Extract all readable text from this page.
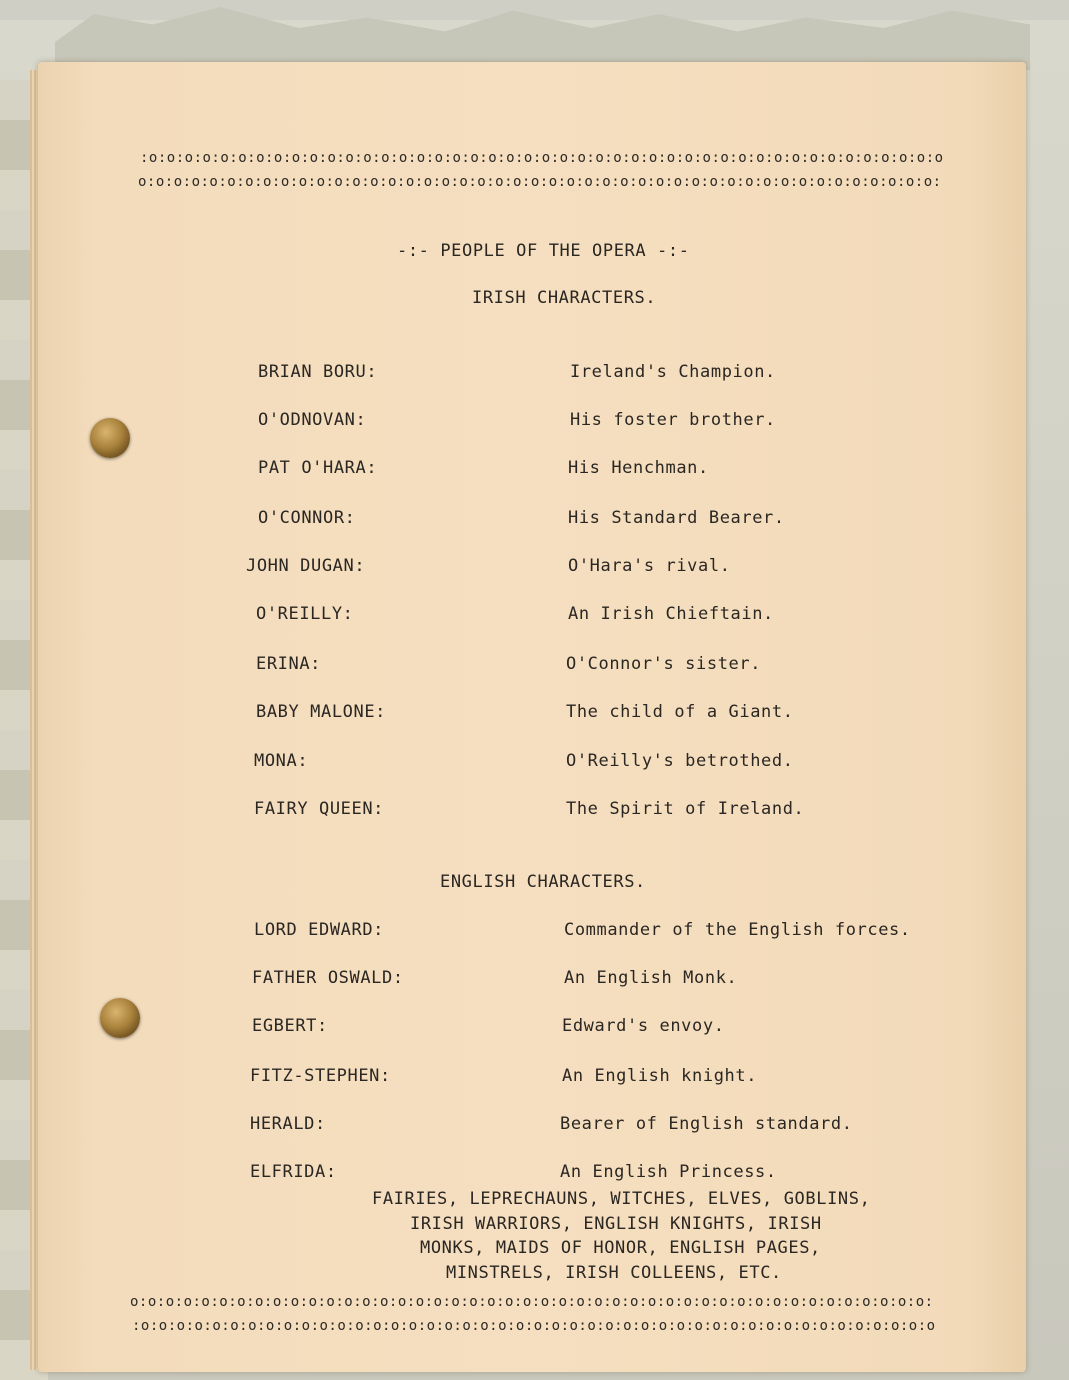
:o:o:o:o:o:o:o:o:o:o:o:o:o:o:o:o:o:o:o:o:o:o:o:o:o:o:o:o:o:o:o:o:o:o:o:o:o:o:o:o:o:o:o:o:o

o:o:o:o:o:o:o:o:o:o:o:o:o:o:o:o:o:o:o:o:o:o:o:o:o:o:o:o:o:o:o:o:o:o:o:o:o:o:o:o:o:o:o:o:o:

-:- PEOPLE OF THE OPERA -:-

IRISH CHARACTERS.

BRIAN BORU:	Ireland's Champion.

O'ODNOVAN:	His foster brother.

PAT O'HARA:	His Henchman.

O'CONNOR:	His Standard Bearer.

JOHN DUGAN:	O'Hara's rival.

O'REILLY:	An Irish Chieftain.

ERINA:	O'Connor's sister.

BABY MALONE:	The child of a Giant.

MONA:	O'Reilly's betrothed.

FAIRY QUEEN:	The Spirit of Ireland.

ENGLISH CHARACTERS.

LORD EDWARD:	Commander of the English forces.

FATHER OSWALD:	An English Monk.

EGBERT:	Edward's envoy.

FITZ-STEPHEN:	An English knight.

HERALD:	Bearer of English standard.

ELFRIDA:	An English Princess.

FAIRIES, LEPRECHAUNS, WITCHES, ELVES, GOBLINS,

IRISH WARRIORS, ENGLISH KNIGHTS, IRISH

MONKS, MAIDS OF HONOR, ENGLISH PAGES,

MINSTRELS, IRISH COLLEENS, ETC.

o:o:o:o:o:o:o:o:o:o:o:o:o:o:o:o:o:o:o:o:o:o:o:o:o:o:o:o:o:o:o:o:o:o:o:o:o:o:o:o:o:o:o:o:o:

:o:o:o:o:o:o:o:o:o:o:o:o:o:o:o:o:o:o:o:o:o:o:o:o:o:o:o:o:o:o:o:o:o:o:o:o:o:o:o:o:o:o:o:o:o
